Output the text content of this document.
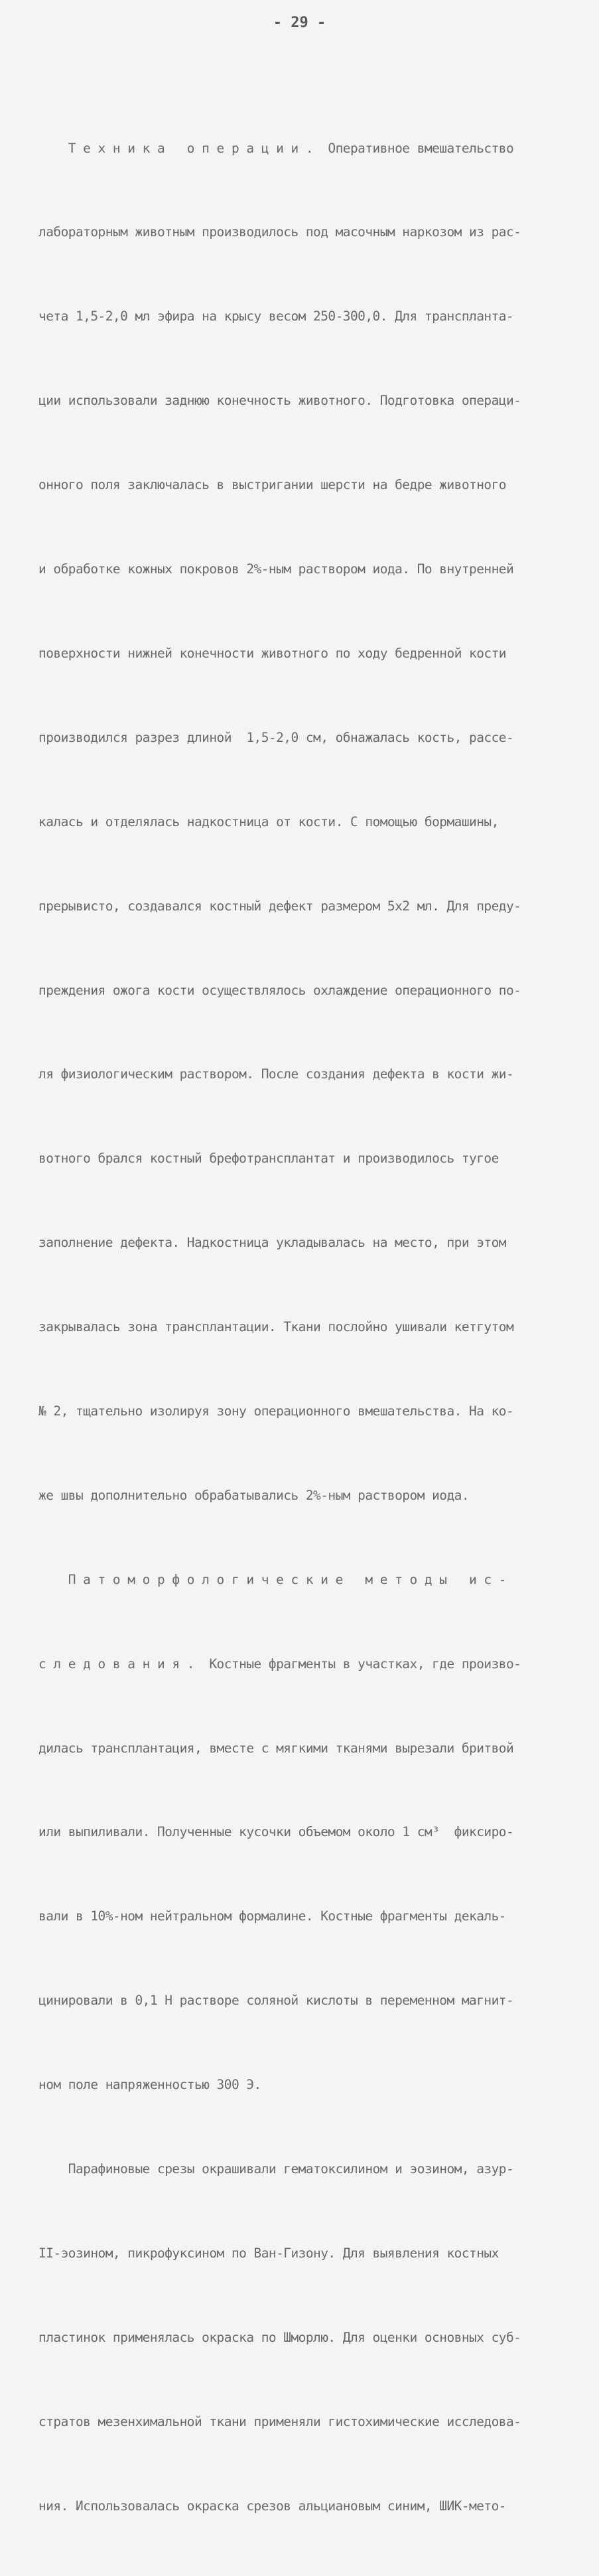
- 29 -

Т е х н и к а   о п е р а ц и и .  Оперативное вмешательство

лабораторным животным производилось под масочным наркозом из рас-

чета 1,5-2,0 мл эфира на крысу весом 250-300,0. Для транспланта-

ции использовали заднюю конечность животного. Подготовка операци-

онного поля заключалась в выстригании шерсти на бедре животного

и обработке кожных покровов 2%-ным раствором иода. По внутренней

поверхности нижней конечности животного по ходу бедренной кости

производился разрез длиной  1,5-2,0 см, обнажалась кость, рассе-

калась и отделялась надкостница от кости. С помощью бормашины,

прерывисто, создавался костный дефект размером 5х2 мл. Для преду-

преждения ожога кости осуществлялось охлаждение операционного по-

ля физиологическим раствором. После создания дефекта в кости жи-

вотного брался костный брефотрансплантат и производилось тугое

заполнение дефекта. Надкостница укладывалась на место, при этом

закрывалась зона трансплантации. Ткани послойно ушивали кетгутом

№ 2, тщательно изолируя зону операционного вмешательства. На ко-

же швы дополнительно обрабатывались 2%-ным раствором иода.

П а т о м о р ф о л о г и ч е с к и е   м е т о д ы   и с -

с л е д о в а н и я .  Костные фрагменты в участках, где произво-

дилась трансплантация, вместе с мягкими тканями вырезали бритвой

или выпиливали. Полученные кусочки объемом около 1 см³  фиксиро-

вали в 10%-ном нейтральном формалине. Костные фрагменты декаль-

цинировали в 0,1 Н растворе соляной кислоты в переменном магнит-

ном поле напряженностью 300 Э.

Парафиновые срезы окрашивали гематоксилином и эозином, азур-

II-эозином, пикрофуксином по Ван-Гизону. Для выявления костных

пластинок применялась окраска по Шморлю. Для оценки основных суб-

стратов мезенхимальной ткани применяли гистохимические исследова-

ния. Использовалась окраска срезов альциановым синим, ШИК-мето-
